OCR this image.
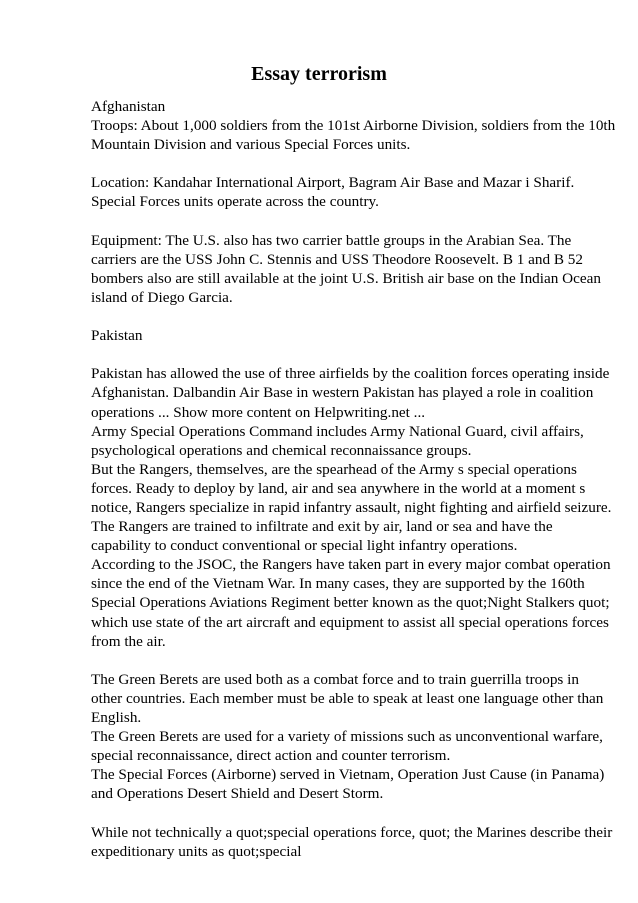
Essay terrorism
Afghanistan
Troops: About 1,000 soldiers from the 101st Airborne Division, soldiers from the 10th
Mountain Division and various Special Forces units.
Location: Kandahar International Airport, Bagram Air Base and Mazar i Sharif.
Special Forces units operate across the country.
Equipment: The U.S. also has two carrier battle groups in the Arabian Sea. The
carriers are the USS John C. Stennis and USS Theodore Roosevelt. B 1 and B 52
bombers also are still available at the joint U.S. British air base on the Indian Ocean
island of Diego Garcia.
Pakistan
Pakistan has allowed the use of three airfields by the coalition forces operating inside
Afghanistan. Dalbandin Air Base in western Pakistan has played a role in coalition
operations ... Show more content on Helpwriting.net ...
Army Special Operations Command includes Army National Guard, civil affairs,
psychological operations and chemical reconnaissance groups.
But the Rangers, themselves, are the spearhead of the Army s special operations
forces. Ready to deploy by land, air and sea anywhere in the world at a moment s
notice, Rangers specialize in rapid infantry assault, night fighting and airfield seizure.
The Rangers are trained to infiltrate and exit by air, land or sea and have the
capability to conduct conventional or special light infantry operations.
According to the JSOC, the Rangers have taken part in every major combat operation
since the end of the Vietnam War. In many cases, they are supported by the 160th
Special Operations Aviations Regiment better known as the quot;Night Stalkers quot;
which use state of the art aircraft and equipment to assist all special operations forces
from the air.
The Green Berets are used both as a combat force and to train guerrilla troops in
other countries. Each member must be able to speak at least one language other than
English.
The Green Berets are used for a variety of missions such as unconventional warfare,
special reconnaissance, direct action and counter terrorism.
The Special Forces (Airborne) served in Vietnam, Operation Just Cause (in Panama)
and Operations Desert Shield and Desert Storm.
While not technically a quot;special operations force, quot; the Marines describe their
expeditionary units as quot;special
